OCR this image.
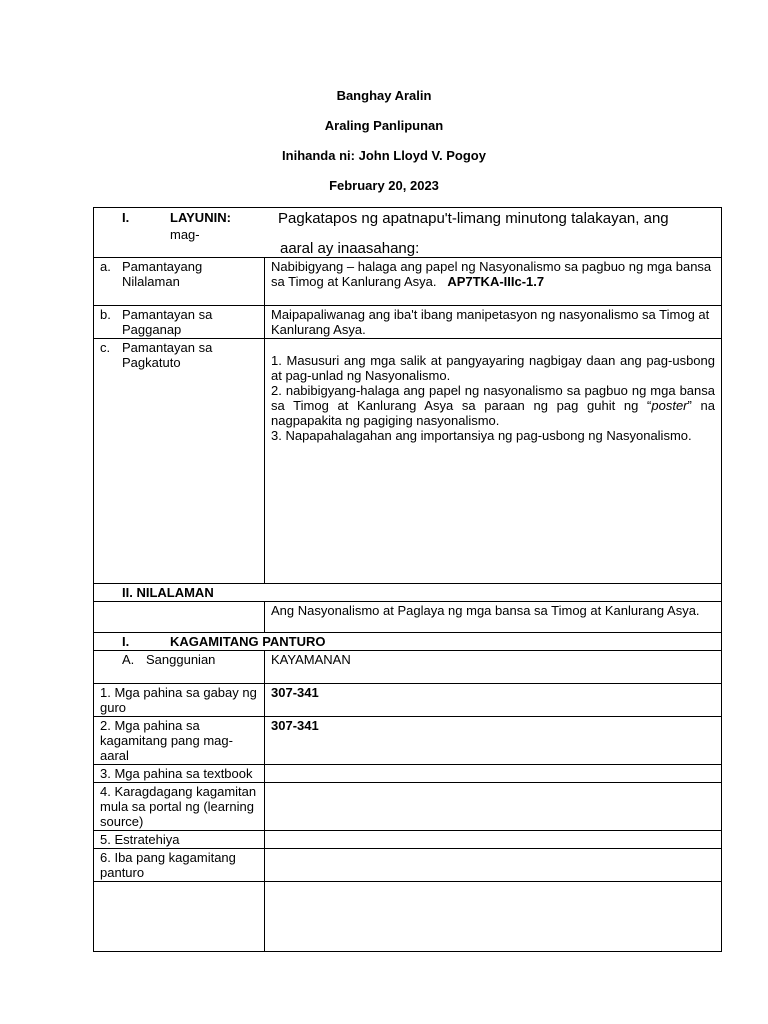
Banghay Aralin
Araling Panlipunan
Inihanda ni: John Lloyd V. Pogoy
February 20, 2023
I. LAYUNIN: Pagkatapos ng apatnapu't-limang minutong talakayan, ang
mag-
aaral ay inaasahang:	

a. Pamantayang Nilalaman	Nabibigyang – halaga ang papel ng Nasyonalismo sa pagbuo ng mga bansa sa Timog at Kanlurang Asya. AP7TKA-IIIc-1.7

b. Pamantayan sa Pagganap	Maipapaliwanag ang iba't ibang manipetasyon ng nasyonalismo sa Timog at Kanlurang Asya.

c. Pamantayan sa Pagkatuto	1. Masusuri ang mga salik at pangyayaring nagbigay daan ang pag-usbong at pag-unlad ng Nasyonalismo.
2. nabibigyang-halaga ang papel ng nasyonalismo sa pagbuo ng mga bansa sa Timog at Kanlurang Asya sa paraan ng pag guhit ng “poster” na nagpapakita ng pagiging nasyonalismo.
3. Napapahalagahan ang importansiya ng pag-usbong ng Nasyonalismo.

II. NILALAMAN	
	Ang Nasyonalismo at Paglaya ng mga bansa sa Timog at Kanlurang Asya.
I. KAGAMITANG PANTURO	
A. Sanggunian	KAYAMANAN
1. Mga pahina sa gabay ng guro	307-341
2. Mga pahina sa kagamitang pang mag-aaral	307-341
3. Mga pahina sa textbook	
4. Karagdagang kagamitan mula sa portal ng (learning source)	
5. Estratehiya	
6. Iba pang kagamitang panturo	
